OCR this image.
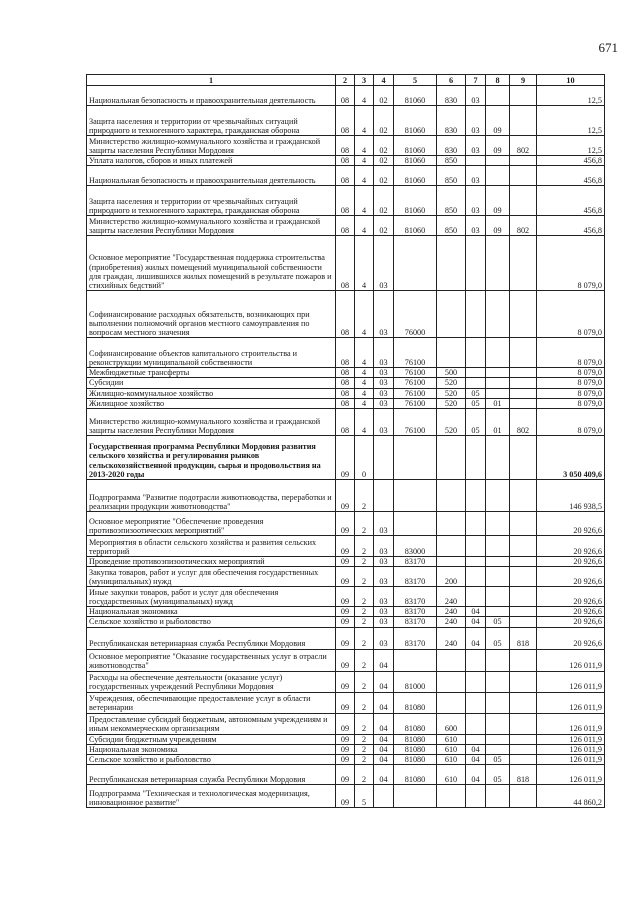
671
1	2	3	4	5	6	7	8	9	10
Национальная безопасность и правоохранительная деятельность	08	4	02	81060	830	03			12,5
Защита населения и территории от чрезвычайных ситуаций природного и техногенного характера, гражданская оборона	08	4	02	81060	830	03	09		12,5
Министерство жилищно-коммунального хозяйства и гражданской защиты населения Республики Мордовия	08	4	02	81060	830	03	09	802	12,5
Уплата налогов, сборов и иных платежей	08	4	02	81060	850				456,8
Национальная безопасность и правоохранительная деятельность	08	4	02	81060	850	03			456,8
Защита населения и территории от чрезвычайных ситуаций природного и техногенного характера, гражданская оборона	08	4	02	81060	850	03	09		456,8
Министерство жилищно-коммунального хозяйства и гражданской защиты населения Республики Мордовия	08	4	02	81060	850	03	09	802	456,8
Основное мероприятие "Государственная поддержка строительства (приобретения) жилых помещений муниципальной собственности для граждан, лишившихся жилых помещений в результате пожаров и стихийных бедствий"	08	4	03						8 079,0
Софинансирование расходных обязательств, возникающих при выполнении полномочий органов местного самоуправления по вопросам местного значения	08	4	03	76000					8 079,0
Софинансирование объектов капитального строительства и реконструкции муниципальной собственности	08	4	03	76100					8 079,0
Межбюджетные трансферты	08	4	03	76100	500				8 079,0
Субсидии	08	4	03	76100	520				8 079,0
Жилищно-коммунальное хозяйство	08	4	03	76100	520	05			8 079,0
Жилищное хозяйство	08	4	03	76100	520	05	01		8 079,0
Министерство жилищно-коммунального хозяйства и гражданской защиты населения Республики Мордовия	08	4	03	76100	520	05	01	802	8 079,0
Государственная программа Республики Мордовия развития сельского хозяйства и регулирования рынков сельскохозяйственной продукции, сырья и продовольствия на 2013-2020 годы	09	0							3 050 409,6
Подпрограмма "Развитие подотрасли животноводства, переработки и реализации продукции животноводства"	09	2							146 938,5
Основное мероприятие "Обеспечение проведения противоэпизоотических мероприятий"	09	2	03						20 926,6
Мероприятия в области сельского хозяйства и развития сельских территорий	09	2	03	83000					20 926,6
Проведение противоэпизоотических мероприятий	09	2	03	83170					20 926,6
Закупка товаров, работ и услуг для обеспечения государственных (муниципальных) нужд	09	2	03	83170	200				20 926,6
Иные закупки товаров, работ и услуг для обеспечения государственных (муниципальных) нужд	09	2	03	83170	240				20 926,6
Национальная экономика	09	2	03	83170	240	04			20 926,6
Сельское хозяйство и рыболовство	09	2	03	83170	240	04	05		20 926,6
Республиканская ветеринарная служба Республики Мордовия	09	2	03	83170	240	04	05	818	20 926,6
Основное мероприятие "Оказание государственных услуг в отрасли животноводства"	09	2	04						126 011,9
Расходы на обеспечение деятельности (оказание услуг) государственных учреждений Республики Мордовия	09	2	04	81000					126 011,9
Учреждения, обеспечивающие предоставление услуг в области ветеринарии	09	2	04	81080					126 011,9
Предоставление субсидий бюджетным, автономным учреждениям и иным некоммерческим организациям	09	2	04	81080	600				126 011,9
Субсидии бюджетным учреждениям	09	2	04	81080	610				126 011,9
Национальная экономика	09	2	04	81080	610	04			126 011,9
Сельское хозяйство и рыболовство	09	2	04	81080	610	04	05		126 011,9
Республиканская ветеринарная служба Республики Мордовия	09	2	04	81080	610	04	05	818	126 011,9
Подпрограмма "Техническая и технологическая модернизация, инновационное развитие"	09	5							44 860,2
